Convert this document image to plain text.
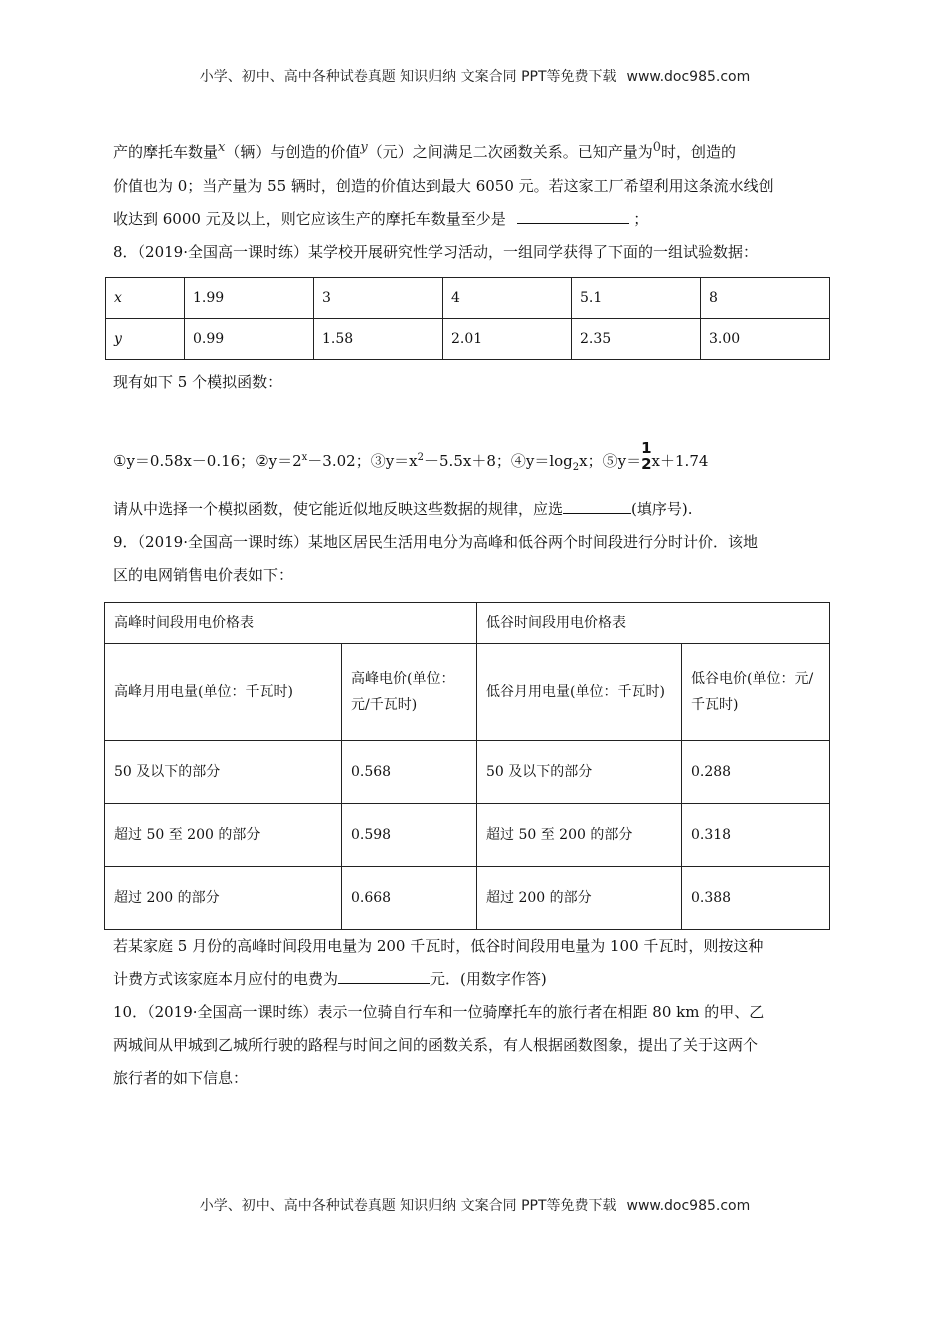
小学、初中、高中各种试卷真题 知识归纳 文案合同 PPT等免费下载 www.doc985.com
产的摩托车数量x（辆）与创造的价值y（元）之间满足二次函数关系。已知产量为0时，创造的
价值也为 0；当产量为 55 辆时，创造的价值达到最大 6050 元。若这家工厂希望利用这条流水线创
收达到 6000 元及以上，则它应该生产的摩托车数量至少是	；
8．（2019·全国高一课时练）某学校开展研究性学习活动，一组同学获得了下面的一组试验数据：
x	1.99	3	4	5.1	8
y	0.99	1.58	2.01	2.35	3.00
现有如下 5 个模拟函数：
①y＝0.58x－0.16；$②y=2^x-3.02$；$③y=x^2-5.5x+8$；$④y=\log_2x$；⑤y＝1
2x＋1.74
请从中选择一个模拟函数，使它能近似地反映这些数据的规律，应选	(填序号).
9．（2019·全国高一课时练）某地区居民生活用电分为高峰和低谷两个时间段进行分时计价．该地
区的电网销售电价表如下：
高峰时间段用电价格表		低谷时间段用电价格表	
高峰月用电量(单位：千瓦时)	高峰电价(单位：元/千瓦时)	低谷月用电量(单位：千瓦时)	低谷电价(单位：元/千瓦时)
50 及以下的部分	0.568	50 及以下的部分	0.288
超过 50 至 200 的部分	0.598	超过 50 至 200 的部分	0.318
超过 200 的部分	0.668	超过 200 的部分	0.388
若某家庭 5 月份的高峰时间段用电量为 200 千瓦时，低谷时间段用电量为 100 千瓦时，则按这种
计费方式该家庭本月应付的电费为	元．(用数字作答)
10．（2019·全国高一课时练）表示一位骑自行车和一位骑摩托车的旅行者在相距 80 km 的甲、乙
两城间从甲城到乙城所行驶的路程与时间之间的函数关系，有人根据函数图象，提出了关于这两个
旅行者的如下信息：
小学、初中、高中各种试卷真题 知识归纳 文案合同 PPT等免费下载 www.doc985.com
